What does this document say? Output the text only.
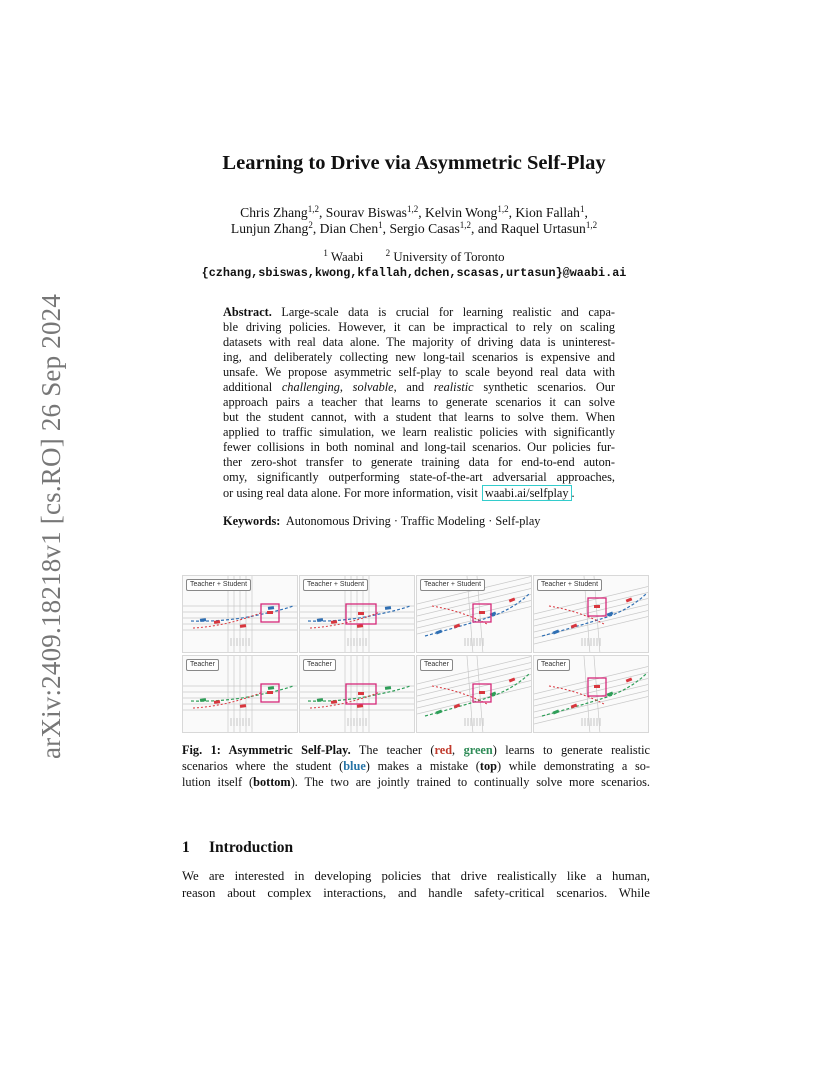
arXiv:2409.18218v1 [cs.RO] 26 Sep 2024
Learning to Drive via Asymmetric Self-Play
Chris Zhang$^{1,2}$, Sourav Biswas$^{1,2}$, Kelvin Wong$^{1,2}$, Kion Fallah$^1$,
Lunjun Zhang$^2$, Dian Chen$^1$, Sergio Casas$^{1,2}$, and Raquel Urtasun$^{1,2}$
$^1$ Waabi $^2$ University of Toronto
{czhang,sbiswas,kwong,kfallah,dchen,scasas,urtasun}@waabi.ai
Abstract. Large-scale data is crucial for learning realistic and capa-
ble driving policies. However, it can be impractical to rely on scaling
datasets with real data alone. The majority of driving data is uninterest-
ing, and deliberately collecting new long-tail scenarios is expensive and
unsafe. We propose asymmetric self-play to scale beyond real data with
additional challenging, solvable, and realistic synthetic scenarios. Our
approach pairs a teacher that learns to generate scenarios it can solve
but the student cannot, with a student that learns to solve them. When
applied to traffic simulation, we learn realistic policies with significantly
fewer collisions in both nominal and long-tail scenarios. Our policies fur-
ther zero-shot transfer to generate training data for end-to-end auton-
omy, significantly outperforming state-of-the-art adversarial approaches,
or using real data alone. For more information, visit waabi.ai/selfplay .
Keywords: Autonomous Driving · Traffic Modeling · Self-play
Teacher + Student	Teacher + Student	Teacher + Student	Teacher + Student
Teacher	Teacher	Teacher	Teacher
Fig. 1: Asymmetric Self-Play. The teacher (red, green) learns to generate realistic
scenarios where the student (blue) makes a mistake (top) while demonstrating a so-
lution itself (bottom). The two are jointly trained to continually solve more scenarios.
1 Introduction
We are interested in developing policies that drive realistically like a human,
reason about complex interactions, and handle safety-critical scenarios. While
